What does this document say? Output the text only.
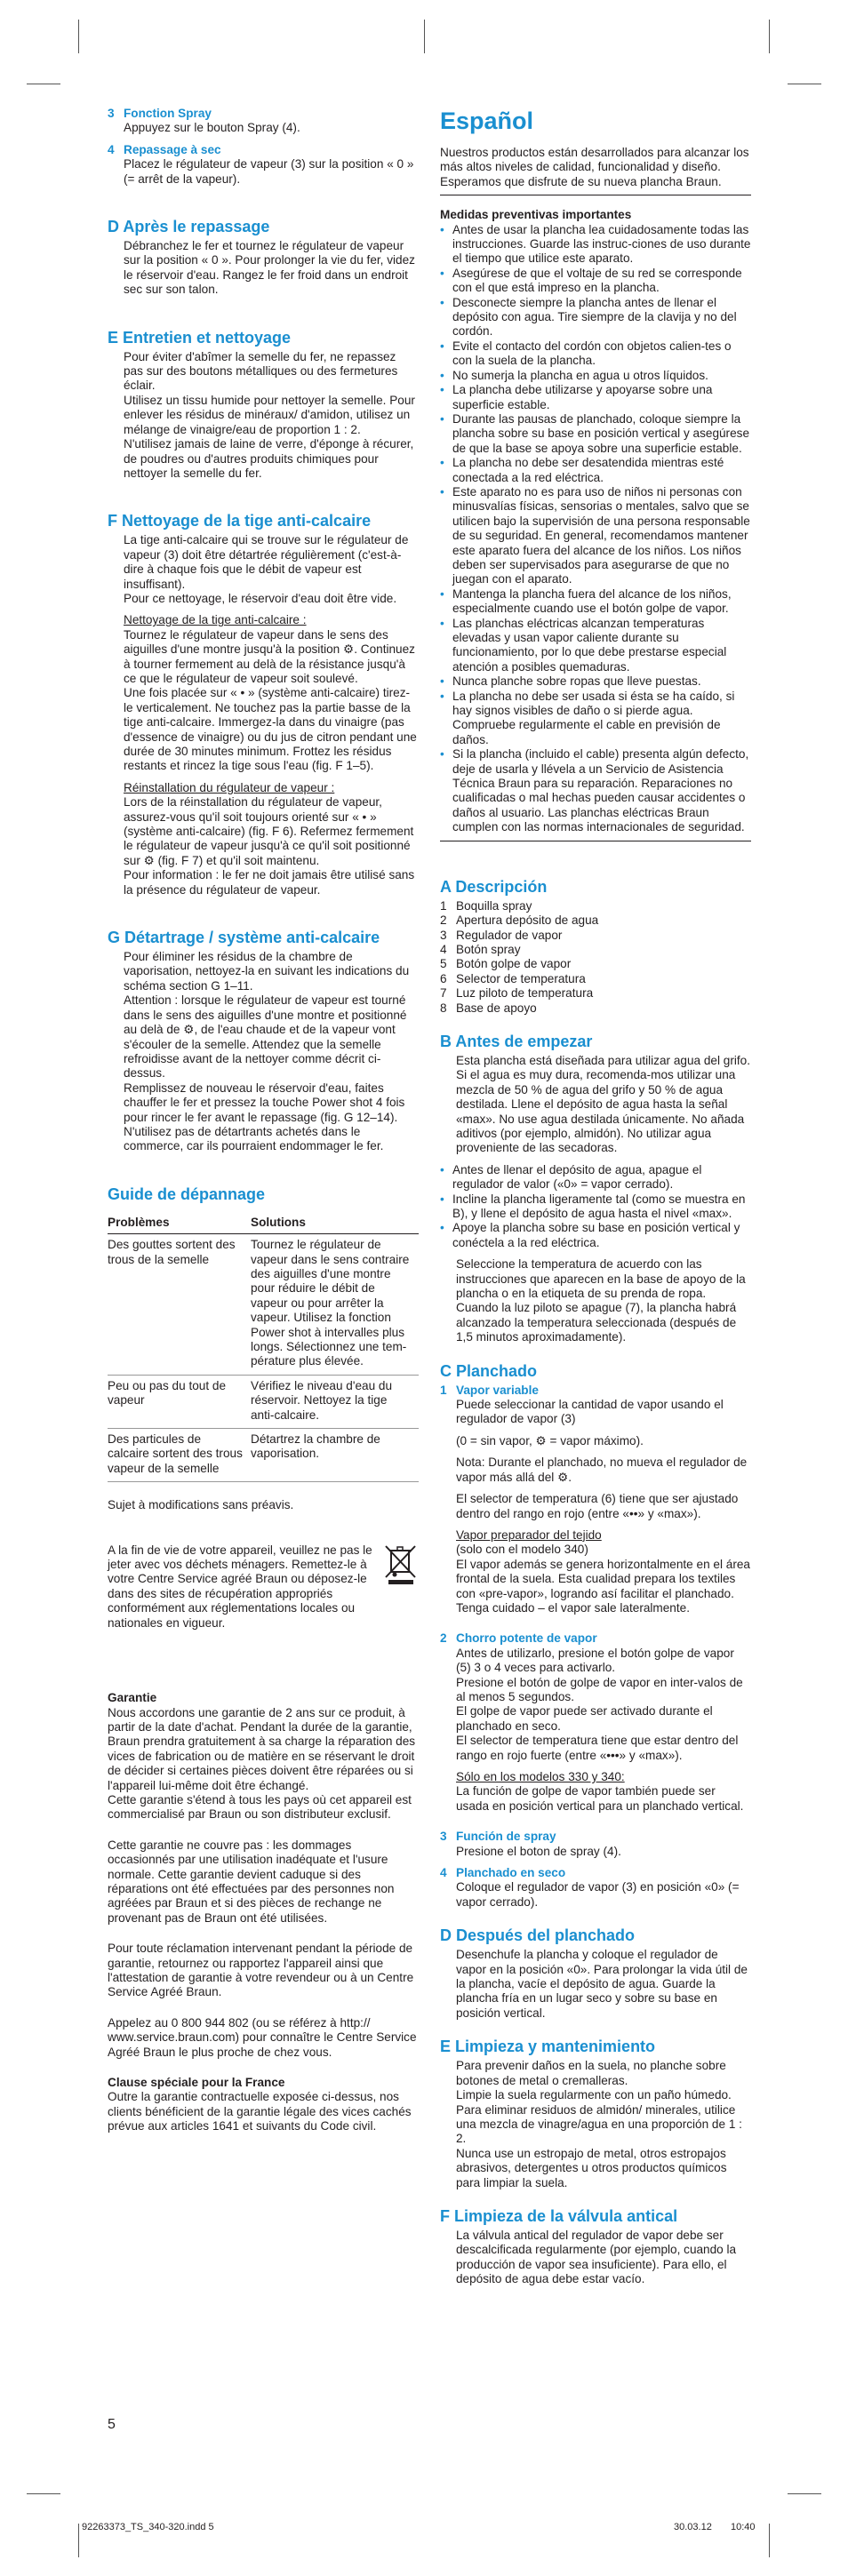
3 Fonction Spray

Appuyez sur le bouton Spray (4).

4 Repassage à sec

Placez le régulateur de vapeur (3) sur la position « 0 » (= arrêt de la vapeur).

D Après le repassage

Débranchez le fer et tournez le régulateur de vapeur sur la position « 0 ». Pour prolonger la vie du fer, videz le réservoir d'eau. Rangez le fer froid dans un endroit sec sur son talon.

E Entretien et nettoyage

Pour éviter d'abîmer la semelle du fer, ne repassez pas sur des boutons métalliques ou des fermetures éclair.

Utilisez un tissu humide pour nettoyer la semelle. Pour enlever les résidus de minéraux/ d'amidon, utilisez un mélange de vinaigre/eau de proportion 1 : 2.

N'utilisez jamais de laine de verre, d'éponge à récurer, de poudres ou d'autres produits chimiques pour nettoyer la semelle du fer.

F Nettoyage de la tige anti-calcaire

La tige anti-calcaire qui se trouve sur le régulateur de vapeur (3) doit être détartrée régulièrement (c'est-à-dire à chaque fois que le débit de vapeur est insuffisant).

Pour ce nettoyage, le réservoir d'eau doit être vide.

Nettoyage de la tige anti-calcaire :

Tournez le régulateur de vapeur dans le sens des aiguilles d'une montre jusqu'à la position ⚙. Continuez à tourner fermement au delà de la résistance jusqu'à ce que le régulateur de vapeur soit soulevé.

Une fois placée sur « • » (système anti-calcaire) tirez-le verticalement. Ne touchez pas la partie basse de la tige anti-calcaire. Immergez-la dans du vinaigre (pas d'essence de vinaigre) ou du jus de citron pendant une durée de 30 minutes minimum. Frottez les résidus restants et rincez la tige sous l'eau (fig. F 1–5).

Réinstallation du régulateur de vapeur :

Lors de la réinstallation du régulateur de vapeur, assurez-vous qu'il soit toujours orienté sur « • » (système anti-calcaire) (fig. F 6). Refermez fermement le régulateur de vapeur jusqu'à ce qu'il soit positionné sur ⚙ (fig. F 7) et qu'il soit maintenu.

Pour information : le fer ne doit jamais être utilisé sans la présence du régulateur de vapeur.

G Détartrage / système anti-calcaire

Pour éliminer les résidus de la chambre de vaporisation, nettoyez-la en suivant les indications du schéma section G 1–11.

Attention : lorsque le régulateur de vapeur est tourné dans le sens des aiguilles d'une montre et positionné au delà de ⚙, de l'eau chaude et de la vapeur vont s'écouler de la semelle. Attendez que la semelle refroidisse avant de la nettoyer comme décrit ci-dessus.

Remplissez de nouveau le réservoir d'eau, faites chauffer le fer et pressez la touche Power shot 4 fois pour rincer le fer avant le repassage (fig. G 12–14).

N'utilisez pas de détartrants achetés dans le commerce, car ils pourraient endommager le fer.

Guide de dépannage
Problèmes	Solutions
Des gouttes sortent des trous de la semelle	Tournez le régulateur de vapeur dans le sens contraire des aiguilles d'une montre pour réduire le débit de vapeur ou pour arrêter la vapeur. Utilisez la fonction Power shot à intervalles plus longs. Sélectionnez une tem-pérature plus élevée.
Peu ou pas du tout de vapeur	Vérifiez le niveau d'eau du réservoir. Nettoyez la tige anti-calcaire.
Des particules de calcaire sortent des trous vapeur de la semelle	Détartrez la chambre de vaporisation.

Sujet à modifications sans préavis.

A la fin de vie de votre appareil, veuillez ne pas le jeter avec vos déchets ménagers. Remettez-le à votre Centre Service agréé Braun ou déposez-le dans des sites de récupération appropriés conformément aux réglementations locales ou nationales en vigueur.

Garantie

Nous accordons une garantie de 2 ans sur ce produit, à partir de la date d'achat. Pendant la durée de la garantie, Braun prendra gratuitement à sa charge la réparation des vices de fabrication ou de matière en se réservant le droit de décider si certaines pièces doivent être réparées ou si l'appareil lui-même doit être échangé.

Cette garantie s'étend à tous les pays où cet appareil est commercialisé par Braun ou son distributeur exclusif.

Cette garantie ne couvre pas : les dommages occasionnés par une utilisation inadéquate et l'usure normale. Cette garantie devient caduque si des réparations ont été effectuées par des personnes non agréées par Braun et si des pièces de rechange ne provenant pas de Braun ont été utilisées.

Pour toute réclamation intervenant pendant la période de garantie, retournez ou rapportez l'appareil ainsi que l'attestation de garantie à votre revendeur ou à un Centre Service Agréé Braun.

Appelez au 0 800 944 802 (ou se référez à http:// www.service.braun.com) pour connaître le Centre Service Agréé Braun le plus proche de chez vous.

Clause spéciale pour la France

Outre la garantie contractuelle exposée ci-dessus, nos clients bénéficient de la garantie légale des vices cachés prévue aux articles 1641 et suivants du Code civil.

5
Español

Nuestros productos están desarrollados para alcanzar los más altos niveles de calidad, funcionalidad y diseño. Esperamos que disfrute de su nueva plancha Braun.

Medidas preventivas importantes

• Antes de usar la plancha lea cuidadosamente todas las instrucciones. Guarde las instruc-ciones de uso durante el tiempo que utilice este aparato.
• Asegúrese de que el voltaje de su red se corresponde con el que está impreso en la plancha.
• Desconecte siempre la plancha antes de llenar el depósito con agua. Tire siempre de la clavija y no del cordón.
• Evite el contacto del cordón con objetos calien-tes o con la suela de la plancha.
• No sumerja la plancha en agua u otros líquidos.
• La plancha debe utilizarse y apoyarse sobre una superficie estable.
• Durante las pausas de planchado, coloque siempre la plancha sobre su base en posición vertical y asegúrese de que la base se apoya sobre una superficie estable.
• La plancha no debe ser desatendida mientras esté conectada a la red eléctrica.
• Este aparato no es para uso de niños ni personas con minusvalías físicas, sensorias o mentales, salvo que se utilicen bajo la supervisión de una persona responsable de su seguridad. En general, recomendamos mantener este aparato fuera del alcance de los niños. Los niños deben ser supervisados para asegurarse de que no juegan con el aparato.
• Mantenga la plancha fuera del alcance de los niños, especialmente cuando use el botón golpe de vapor.
• Las planchas eléctricas alcanzan temperaturas elevadas y usan vapor caliente durante su funcionamiento, por lo que debe prestarse especial atención a posibles quemaduras.
• Nunca planche sobre ropas que lleve puestas.
• La plancha no debe ser usada si ésta se ha caído, si hay signos visibles de daño o si pierde agua. Compruebe regularmente el cable en previsión de daños.
• Si la plancha (incluido el cable) presenta algún defecto, deje de usarla y llévela a un Servicio de Asistencia Técnica Braun para su reparación. Reparaciones no cualificadas o mal hechas pueden causar accidentes o daños al usuario. Las planchas eléctricas Braun cumplen con las normas internacionales de seguridad.
A Descripción
1 Boquilla spray
2 Apertura depósito de agua
3 Regulador de vapor
4 Botón spray
5 Botón golpe de vapor
6 Selector de temperatura
7 Luz piloto de temperatura
8 Base de apoyo
B Antes de empezar

Esta plancha está diseñada para utilizar agua del grifo. Si el agua es muy dura, recomenda-mos utilizar una mezcla de 50 % de agua del grifo y 50 % de agua destilada. Llene el depósito de agua hasta la señal «max». No use agua destilada únicamente. No añada aditivos (por ejemplo, almidón). No utilizar agua proveniente de las secadoras.

• Antes de llenar el depósito de agua, apague el regulador de valor («0» = vapor cerrado).
• Incline la plancha ligeramente tal (como se muestra en B), y llene el depósito de agua hasta el nivel «max».
• Apoye la plancha sobre su base en posición vertical y conéctela a la red eléctrica.

Seleccione la temperatura de acuerdo con las instrucciones que aparecen en la base de apoyo de la plancha o en la etiqueta de su prenda de ropa.

Cuando la luz piloto se apague (7), la plancha habrá alcanzado la temperatura seleccionada (después de 1,5 minutos aproximadamente).

C Planchado
1 Vapor variable

Puede seleccionar la cantidad de vapor usando el regulador de vapor (3)

(0 = sin vapor, ⚙ = vapor máximo).

Nota: Durante el planchado, no mueva el regulador de vapor más allá del ⚙.

El selector de temperatura (6) tiene que ser ajustado dentro del rango en rojo (entre «••» y «max»).

Vapor preparador del tejido

(solo con el modelo 340)

El vapor además se genera horizontalmente en el área frontal de la suela. Esta cualidad prepara los textiles con «pre-vapor», logrando así facilitar el planchado. Tenga cuidado – el vapor sale lateralmente.

2 Chorro potente de vapor

Antes de utilizarlo, presione el botón golpe de vapor (5) 3 o 4 veces para activarlo.

Presione el botón de golpe de vapor en inter-valos de al menos 5 segundos.

El golpe de vapor puede ser activado durante el planchado en seco.

El selector de temperatura tiene que estar dentro del rango en rojo fuerte (entre «•••» y «max»).

Sólo en los modelos 330 y 340:

La función de golpe de vapor también puede ser usada en posición vertical para un planchado vertical.

3 Función de spray

Presione el boton de spray (4).

4 Planchado en seco

Coloque el regulador de vapor (3) en posición «0» (= vapor cerrado).

D Después del planchado

Desenchufe la plancha y coloque el regulador de vapor en la posición «0». Para prolongar la vida útil de la plancha, vacíe el depósito de agua. Guarde la plancha fría en un lugar seco y sobre su base en posición vertical.

E Limpieza y mantenimiento

Para prevenir daños en la suela, no planche sobre botones de metal o cremalleras.

Limpie la suela regularmente con un paño húmedo. Para eliminar residuos de almidón/ minerales, utilice una mezcla de vinagre/agua en una proporción de 1 : 2.

Nunca use un estropajo de metal, otros estropajos abrasivos, detergentes u otros productos químicos para limpiar la suela.

F Limpieza de la válvula antical

La válvula antical del regulador de vapor debe ser descalcificada regularmente (por ejemplo, cuando la producción de vapor sea insuficiente). Para ello, el depósito de agua debe estar vacío.

92263373_TS_340-320.indd 5	30.03.12 10:40
